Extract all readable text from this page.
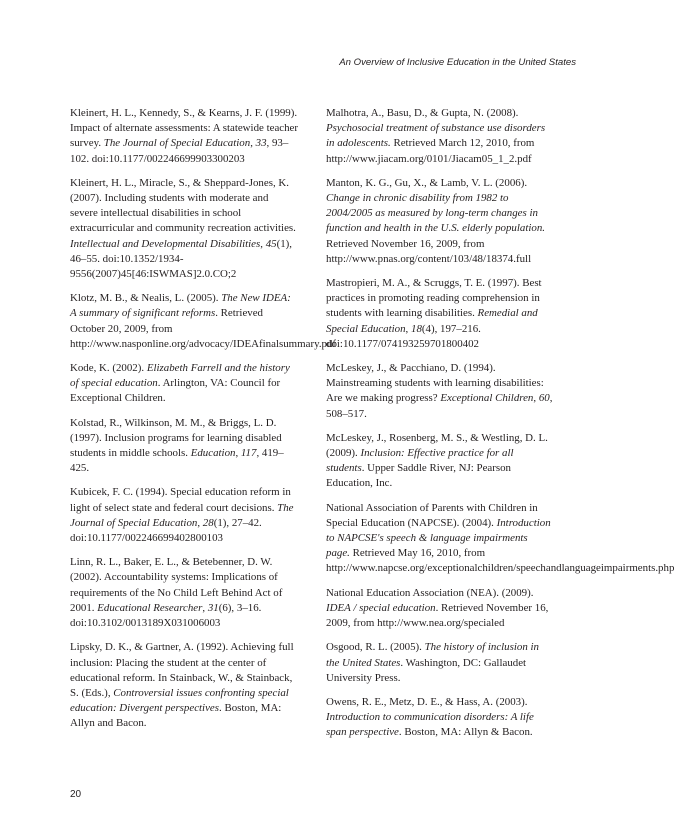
An Overview of Inclusive Education in the United States

Kleinert, H. L., Kennedy, S., & Kearns, J. F. (1999). Impact of alternate assessments: A statewide teacher survey. The Journal of Special Education, 33, 93–102. doi:10.1177/002246699903300203

Kleinert, H. L., Miracle, S., & Sheppard-Jones, K. (2007). Including students with moderate and severe intellectual disabilities in school extracurricular and community recreation activities. Intellectual and Developmental Disabilities, 45(1), 46–55. doi:10.1352/1934-9556(2007)45[46:ISWMAS]2.0.CO;2

Klotz, M. B., & Nealis, L. (2005). The New IDEA: A summary of significant reforms. Retrieved October 20, 2009, from http://www.nasponline.org/advocacy/IDEAfinalsummary.pdf

Kode, K. (2002). Elizabeth Farrell and the history of special education. Arlington, VA: Council for Exceptional Children.

Kolstad, R., Wilkinson, M. M., & Briggs, L. D. (1997). Inclusion programs for learning disabled students in middle schools. Education, 117, 419–425.

Kubicek, F. C. (1994). Special education reform in light of select state and federal court decisions. The Journal of Special Education, 28(1), 27–42. doi:10.1177/002246699402800103

Linn, R. L., Baker, E. L., & Betebenner, D. W. (2002). Accountability systems: Implications of requirements of the No Child Left Behind Act of 2001. Educational Researcher, 31(6), 3–16. doi:10.3102/0013189X031006003

Lipsky, D. K., & Gartner, A. (1992). Achieving full inclusion: Placing the student at the center of educational reform. In Stainback, W., & Stainback, S. (Eds.), Controversial issues confronting special education: Divergent perspectives. Boston, MA: Allyn and Bacon.

Malhotra, A., Basu, D., & Gupta, N. (2008). Psychosocial treatment of substance use disorders in adolescents. Retrieved March 12, 2010, from http://www.jiacam.org/0101/Jiacam05_1_2.pdf

Manton, K. G., Gu, X., & Lamb, V. L. (2006). Change in chronic disability from 1982 to 2004/2005 as measured by long-term changes in function and health in the U.S. elderly population. Retrieved November 16, 2009, from http://www.pnas.org/content/103/48/18374.full

Mastropieri, M. A., & Scruggs, T. E. (1997). Best practices in promoting reading comprehension in students with learning disabilities. Remedial and Special Education, 18(4), 197–216. doi:10.1177/074193259701800402

McLeskey, J., & Pacchiano, D. (1994). Mainstreaming students with learning disabilities: Are we making progress? Exceptional Children, 60, 508–517.

McLeskey, J., Rosenberg, M. S., & Westling, D. L. (2009). Inclusion: Effective practice for all students. Upper Saddle River, NJ: Pearson Education, Inc.

National Association of Parents with Children in Special Education (NAPCSE). (2004). Introduction to NAPCSE's speech & language impairments page. Retrieved May 16, 2010, from http://www.napcse.org/exceptionalchildren/speechandlanguageimpairments.php

National Education Association (NEA). (2009). IDEA / special education. Retrieved November 16, 2009, from http://www.nea.org/specialed

Osgood, R. L. (2005). The history of inclusion in the United States. Washington, DC: Gallaudet University Press.

Owens, R. E., Metz, D. E., & Hass, A. (2003). Introduction to communication disorders: A life span perspective. Boston, MA: Allyn & Bacon.

20
